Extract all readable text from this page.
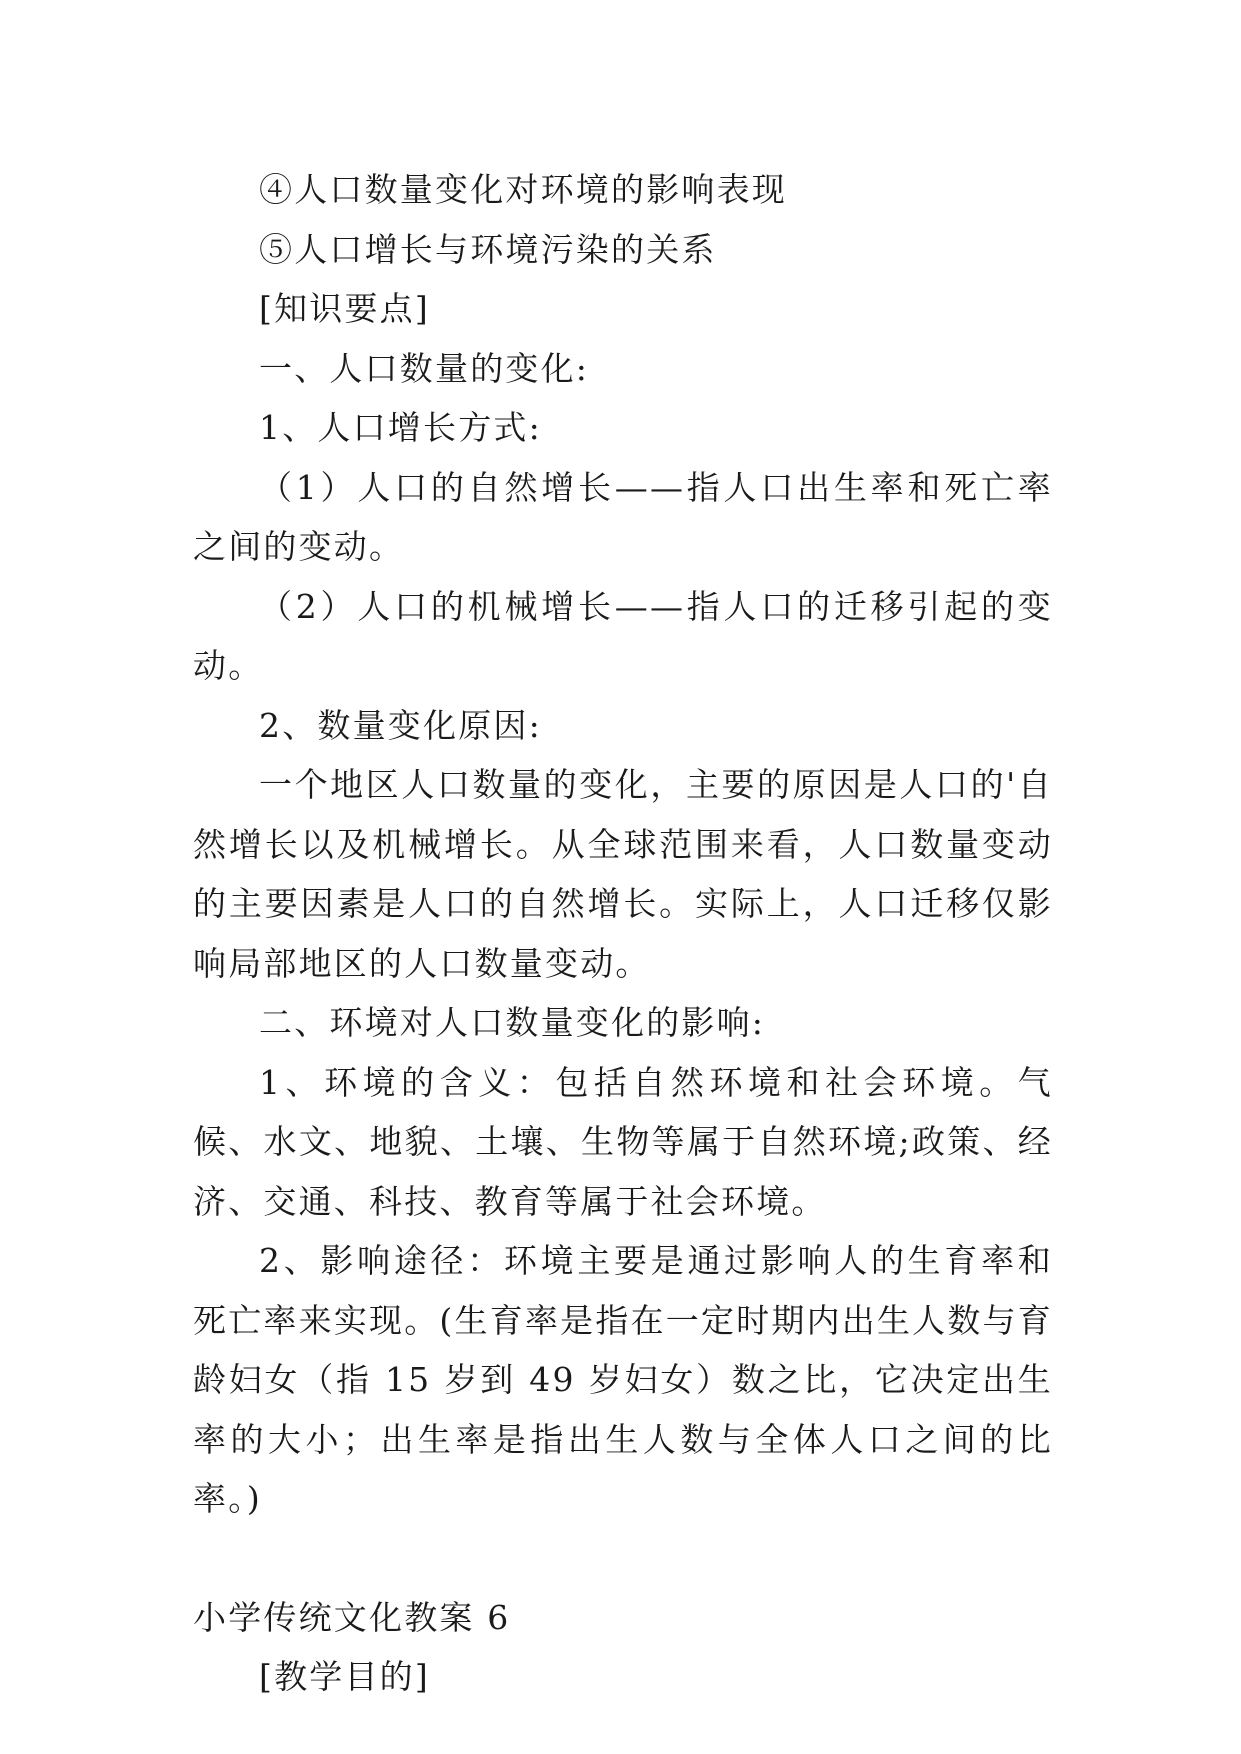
④人口数量变化对环境的影响表现

⑤人口增长与环境污染的关系

[知识要点]

一、人口数量的变化:

1、人口增长方式:

（1）人口的自然增长——指人口出生率和死亡率之间的变动。

（2）人口的机械增长——指人口的迁移引起的变动。

2、数量变化原因:

一个地区人口数量的变化，主要的原因是人口的'自然增长以及机械增长。从全球范围来看，人口数量变动的主要因素是人口的自然增长。实际上，人口迁移仅影响局部地区的人口数量变动。

二、环境对人口数量变化的影响:

1、环境的含义：包括自然环境和社会环境。气候、水文、地貌、土壤、生物等属于自然环境;政策、经济、交通、科技、教育等属于社会环境。

2、影响途径：环境主要是通过影响人的生育率和死亡率来实现。(生育率是指在一定时期内出生人数与育龄妇女（指 15 岁到 49 岁妇女）数之比，它决定出生率的大小；出生率是指出生人数与全体人口之间的比率。)

小学传统文化教案 6

[教学目的]
